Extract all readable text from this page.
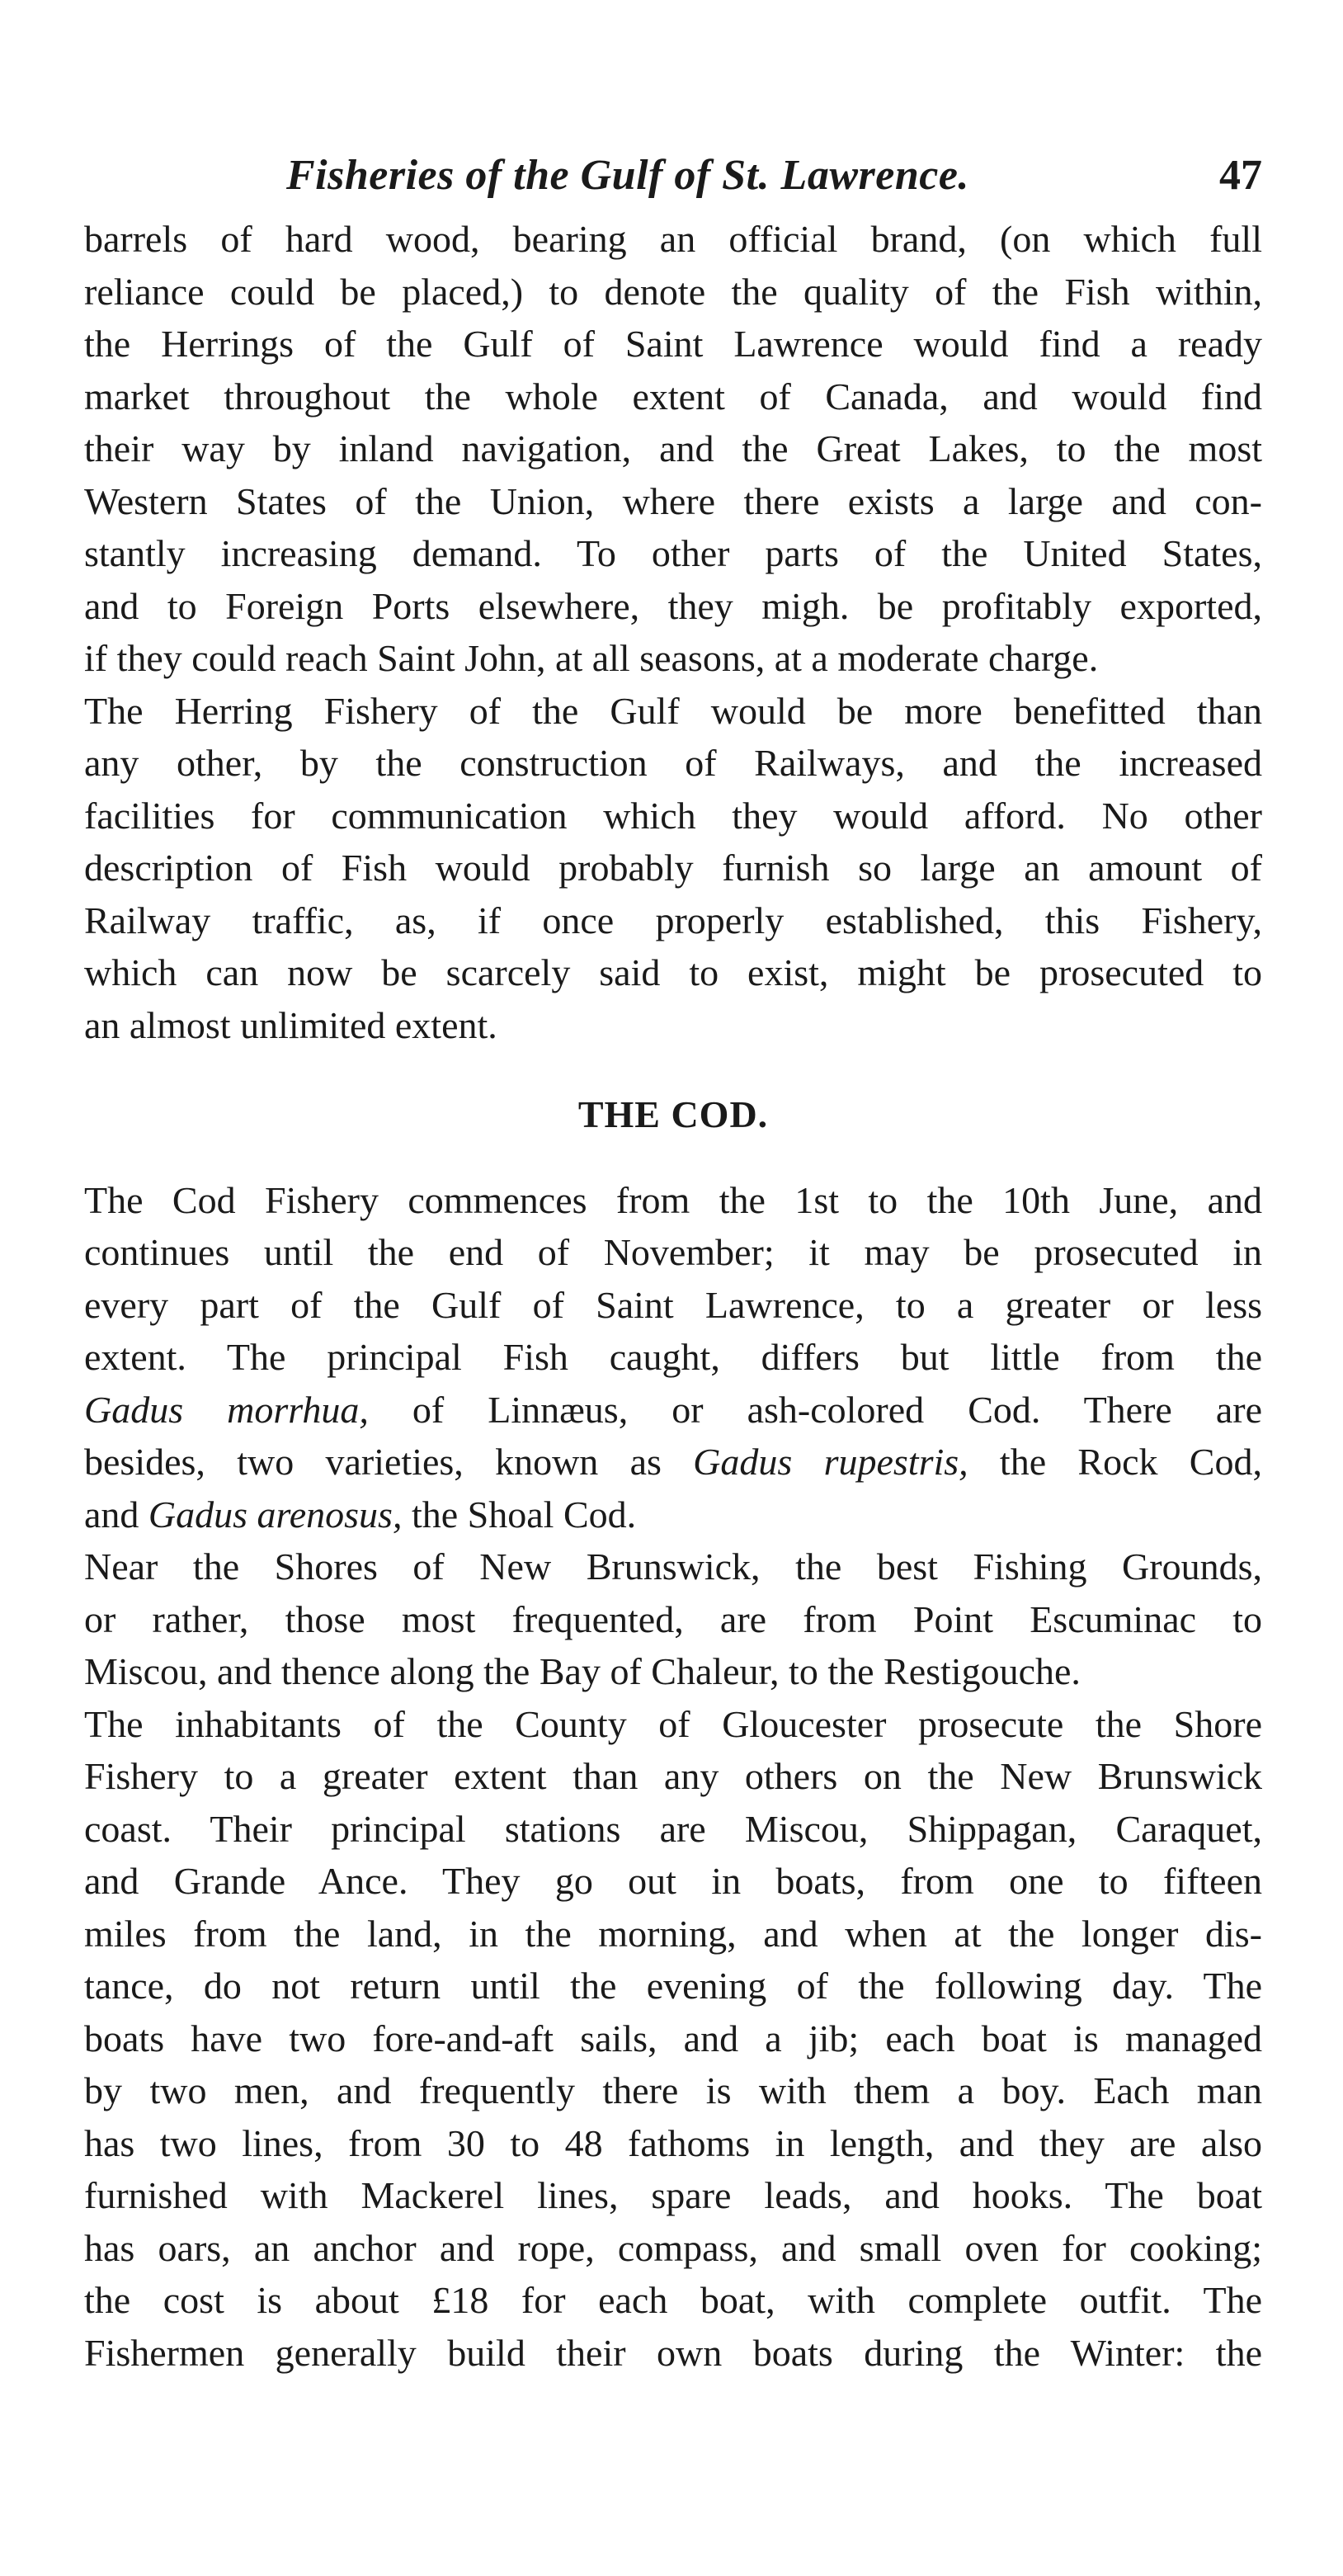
Fisheries of the Gulf of St. Lawrence.	47

barrels of hard wood, bearing an official brand, (on which full
reliance could be placed,) to denote the quality of the Fish within,
the Herrings of the Gulf of Saint Lawrence would find a ready
market throughout the whole extent of Canada, and would find
their way by inland navigation, and the Great Lakes, to the most
Western States of the Union, where there exists a large and con-
stantly increasing demand. To other parts of the United States,
and to Foreign Ports elsewhere, they migh. be profitably exported,
if they could reach Saint John, at all seasons, at a moderate charge.

The Herring Fishery of the Gulf would be more benefitted than
any other, by the construction of Railways, and the increased
facilities for communication which they would afford. No other
description of Fish would probably furnish so large an amount of
Railway traffic, as, if once properly established, this Fishery,
which can now be scarcely said to exist, might be prosecuted to
an almost unlimited extent.

THE COD.

The Cod Fishery commences from the 1st to the 10th June, and
continues until the end of November; it may be prosecuted in
every part of the Gulf of Saint Lawrence, to a greater or less
extent. The principal Fish caught, differs but little from the
Gadus morrhua, of Linnæus, or ash-colored Cod. There are
besides, two varieties, known as Gadus rupestris, the Rock Cod,
and Gadus arenosus, the Shoal Cod.

Near the Shores of New Brunswick, the best Fishing Grounds,
or rather, those most frequented, are from Point Escuminac to
Miscou, and thence along the Bay of Chaleur, to the Restigouche.

The inhabitants of the County of Gloucester prosecute the Shore
Fishery to a greater extent than any others on the New Brunswick
coast. Their principal stations are Miscou, Shippagan, Caraquet,
and Grande Ance. They go out in boats, from one to fifteen
miles from the land, in the morning, and when at the longer dis-
tance, do not return until the evening of the following day. The
boats have two fore-and-aft sails, and a jib; each boat is managed
by two men, and frequently there is with them a boy. Each man
has two lines, from 30 to 48 fathoms in length, and they are also
furnished with Mackerel lines, spare leads, and hooks. The boat
has oars, an anchor and rope, compass, and small oven for cooking;
the cost is about £18 for each boat, with complete outfit. The
Fishermen generally build their own boats during the Winter: the
